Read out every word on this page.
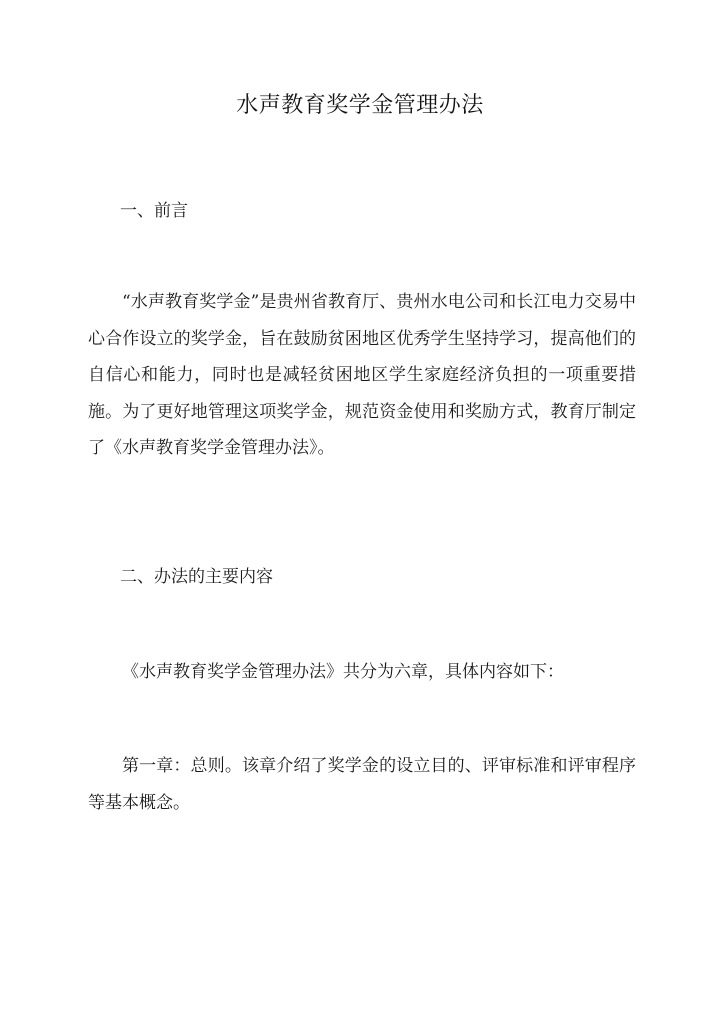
水声教育奖学金管理办法

一、前言

“水声教育奖学金”是贵州省教育厅、贵州水电公司和长江电力交易中心合作设立的奖学金，旨在鼓励贫困地区优秀学生坚持学习，提高他们的自信心和能力，同时也是减轻贫困地区学生家庭经济负担的一项重要措施。为了更好地管理这项奖学金，规范资金使用和奖励方式，教育厅制定了《水声教育奖学金管理办法》。

二、办法的主要内容

《水声教育奖学金管理办法》共分为六章，具体内容如下：

第一章：总则。该章介绍了奖学金的设立目的、评审标准和评审程序等基本概念。
